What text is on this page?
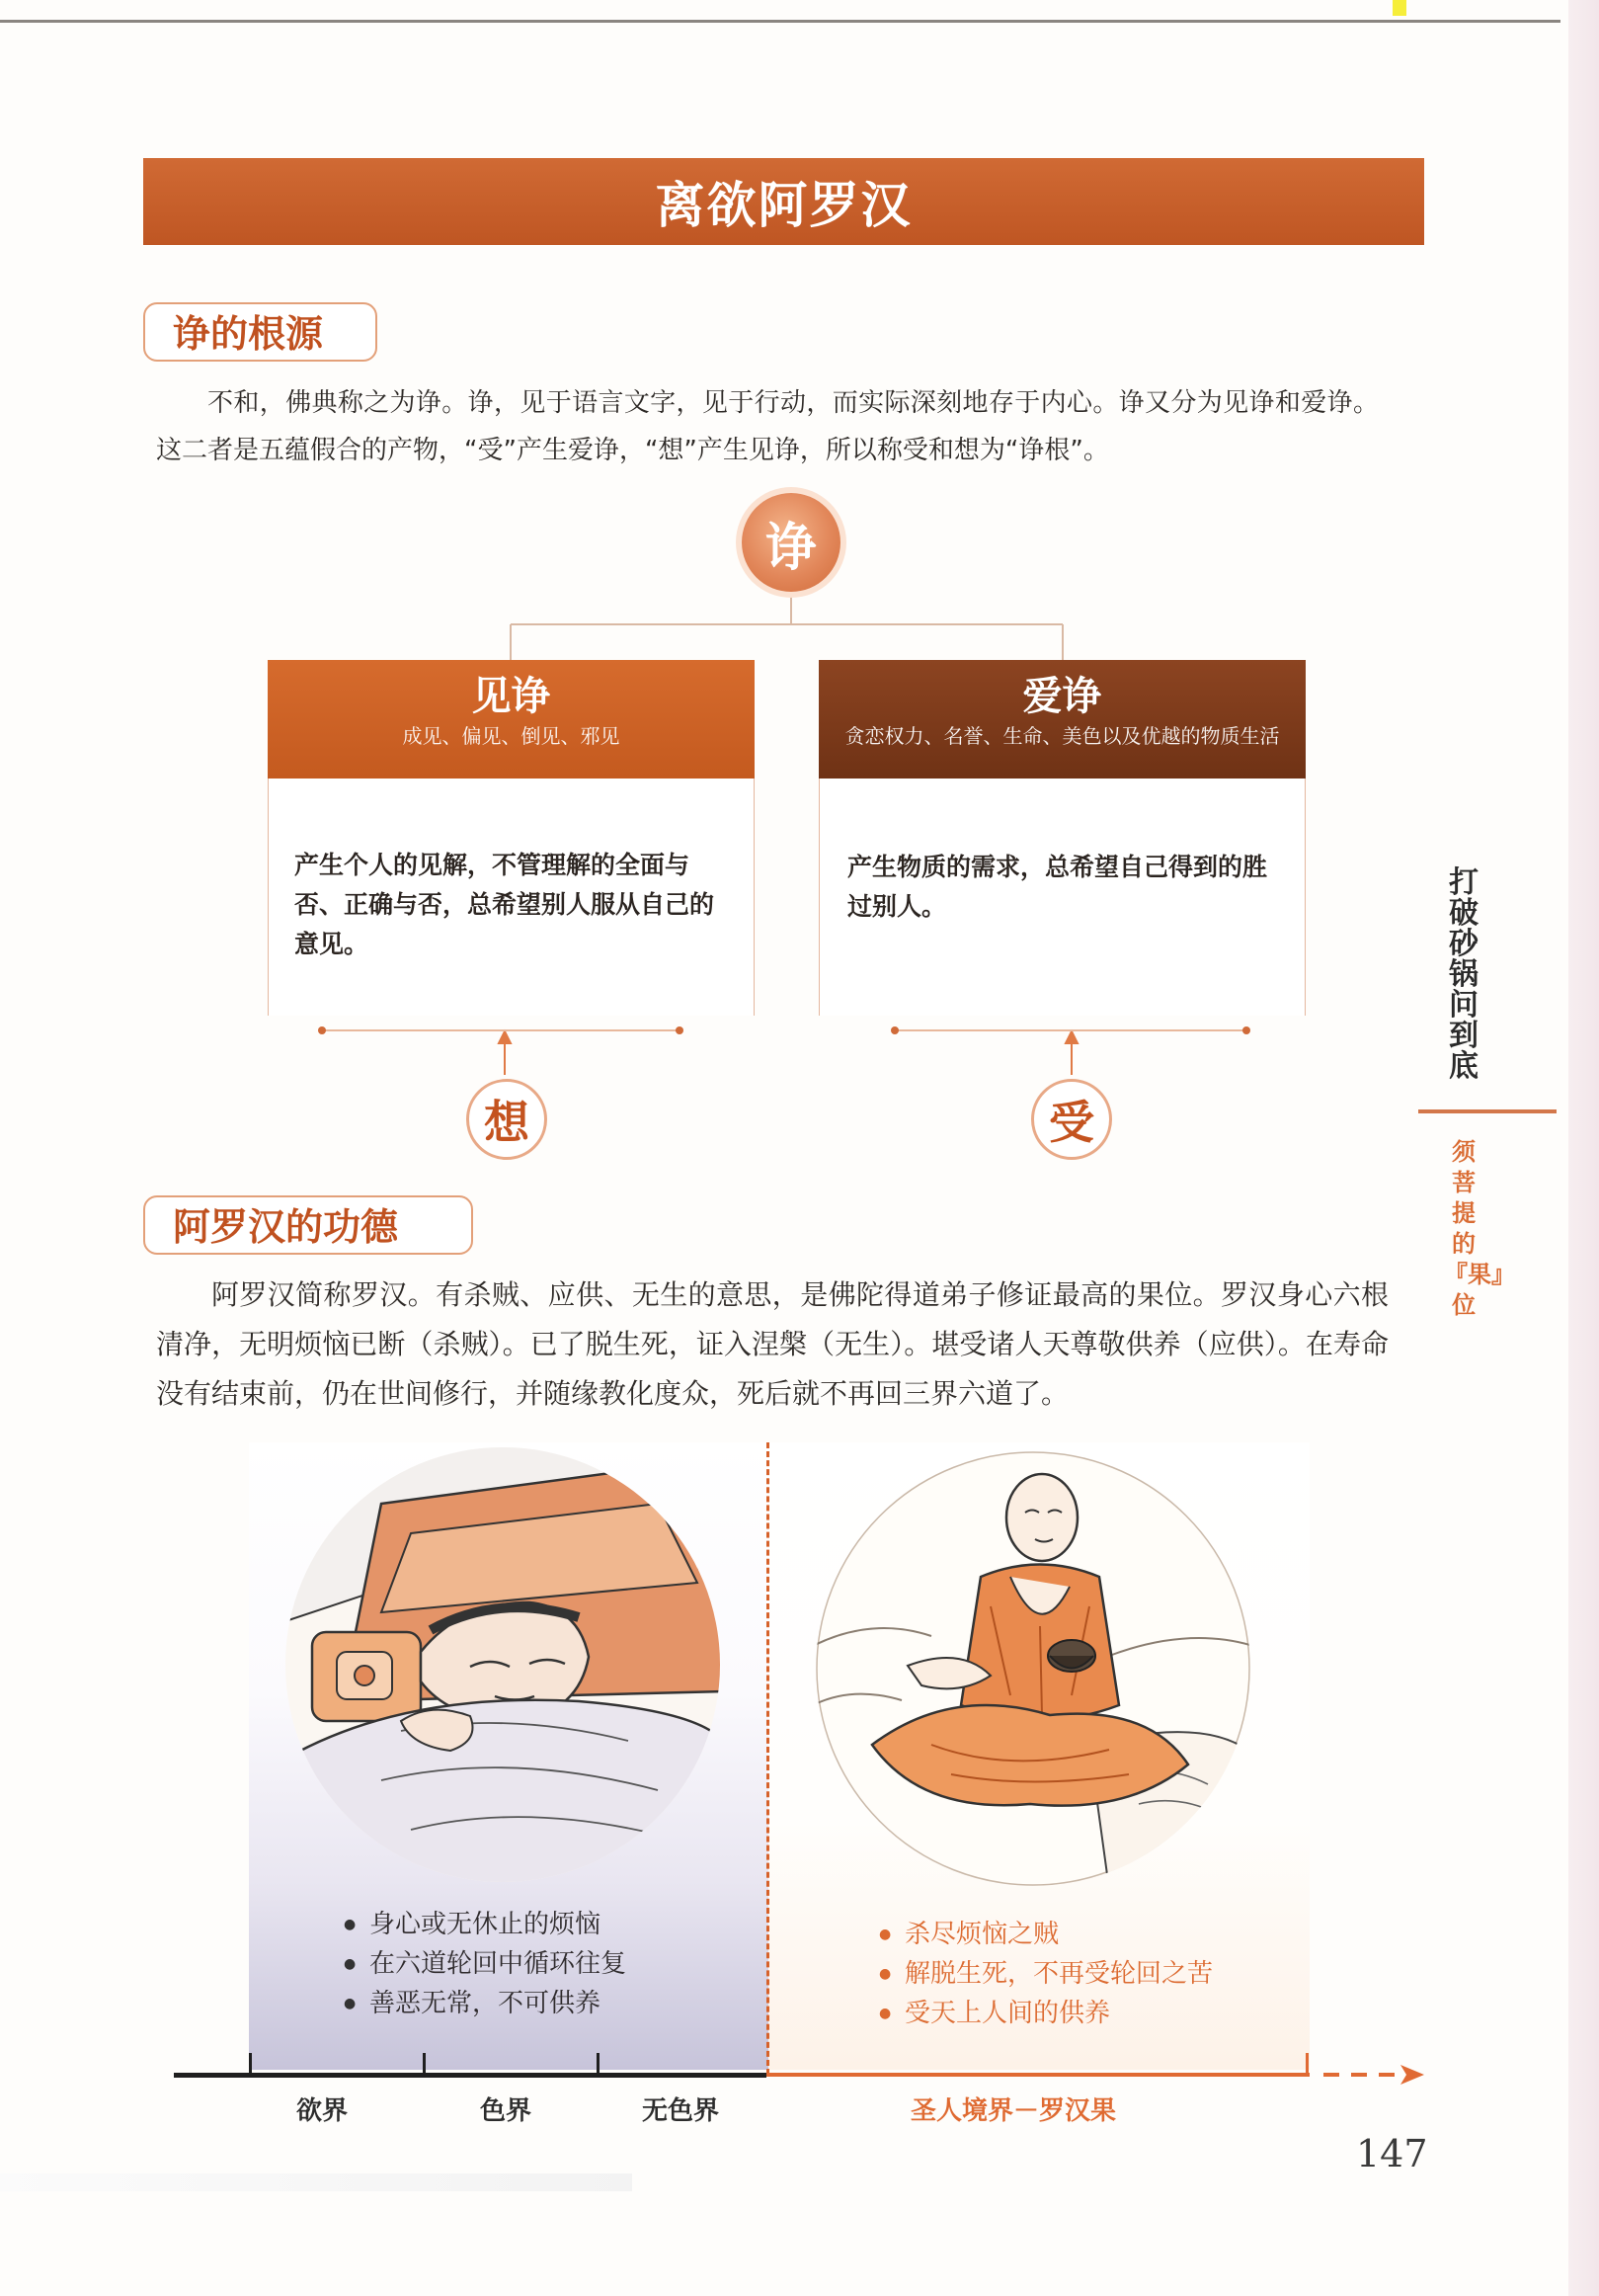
离欲阿罗汉
诤的根源

不和，佛典称之为诤。诤，见于语言文字，见于行动，而实际深刻地存于内心。诤又分为见诤和爱诤。这二者是五蕴假合的产物，“受”产生爱诤，“想”产生见诤，所以称受和想为“诤根”。

诤
见诤
成见、偏见、倒见、邪见
产生个人的见解，不管理解的全面与否、正确与否，总希望别人服从自己的意见。
爱诤
贪恋权力、名誉、生命、美色以及优越的物质生活
产生物质的需求，总希望自己得到的胜过别人。
想	受
打破砂锅问到底
须菩提的『果』位
阿罗汉的功德

阿罗汉简称罗汉。有杀贼、应供、无生的意思，是佛陀得道弟子修证最高的果位。罗汉身心六根清净，无明烦恼已断（杀贼）。已了脱生死，证入涅槃（无生）。堪受诸人天尊敬供养（应供）。在寿命没有结束前，仍在世间修行，并随缘教化度众，死后就不再回三界六道了。

● 身心或无休止的烦恼
● 在六道轮回中循环往复
● 善恶无常，不可供养
● 杀尽烦恼之贼
● 解脱生死，不再受轮回之苦
● 受天上人间的供养
欲界	色界	无色界	圣人境界－罗汉果
147
